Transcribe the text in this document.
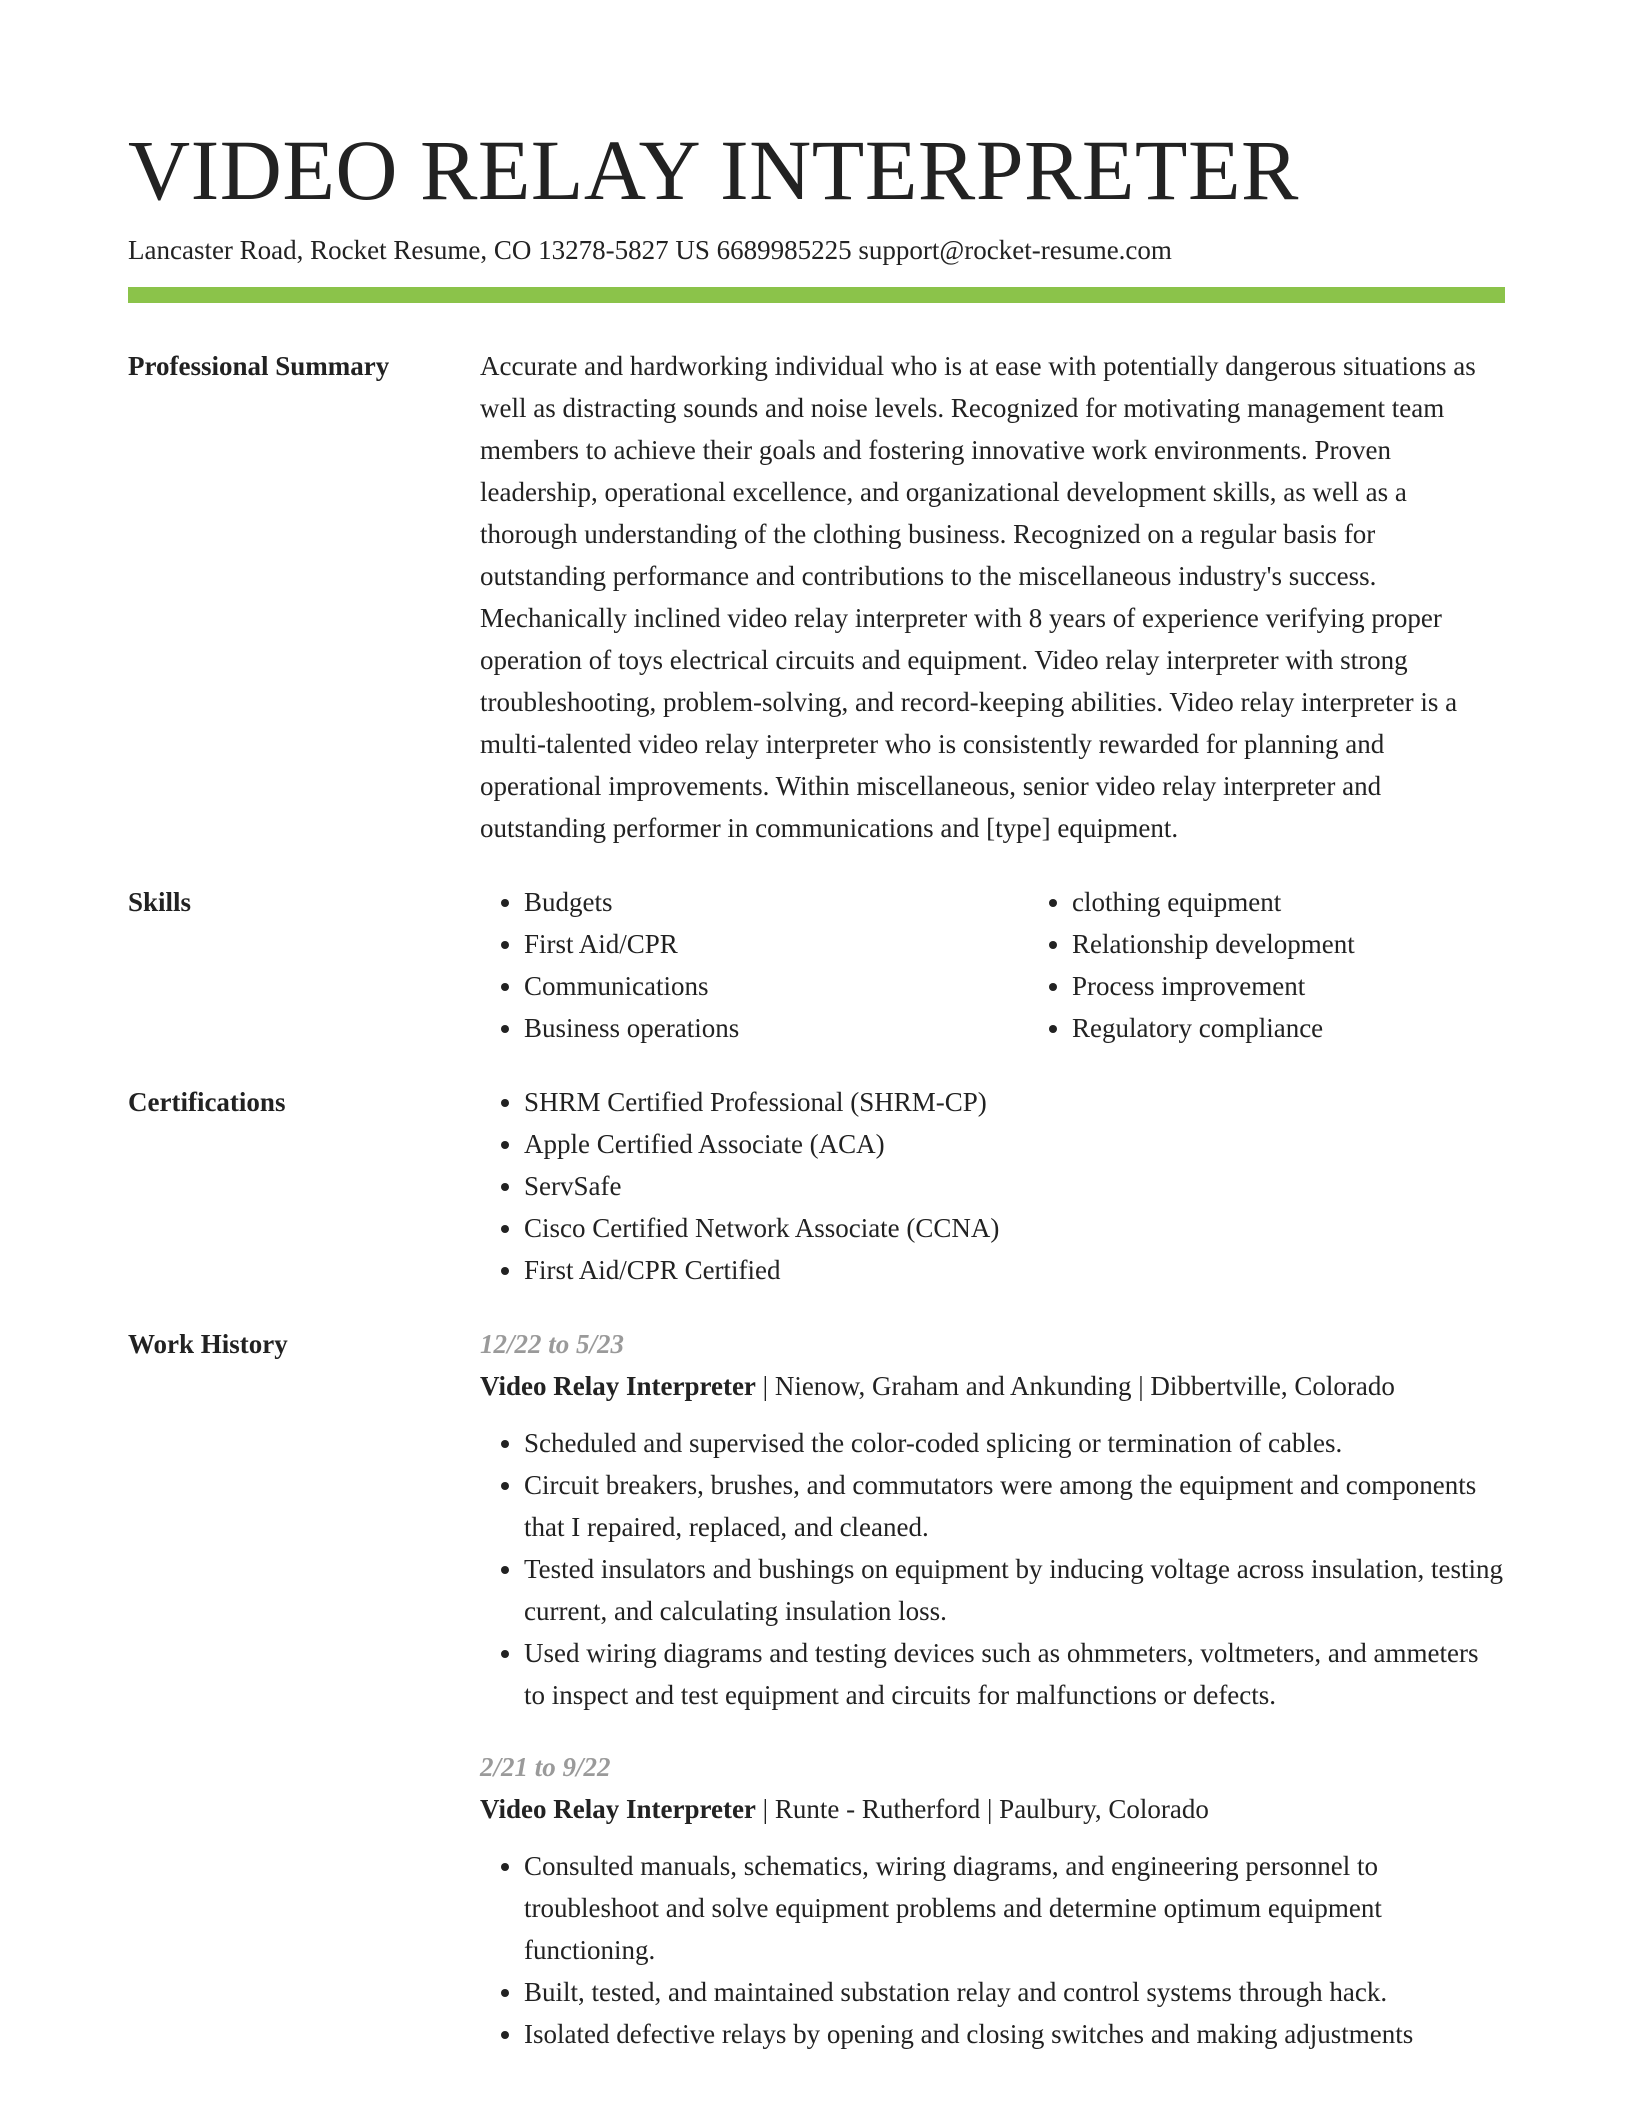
VIDEO RELAY INTERPRETER
Lancaster Road, Rocket Resume, CO 13278-5827 US 6689985225 support@rocket-resume.com
Professional Summary	Accurate and hardworking individual who is at ease with potentially dangerous situations as well as distracting sounds and noise levels. Recognized for motivating management team members to achieve their goals and fostering innovative work environments. Proven leadership, operational excellence, and organizational development skills, as well as a thorough understanding of the clothing business. Recognized on a regular basis for outstanding performance and contributions to the miscellaneous industry's success. Mechanically inclined video relay interpreter with 8 years of experience verifying proper operation of toys electrical circuits and equipment. Video relay interpreter with strong troubleshooting, problem-solving, and record-keeping abilities. Video relay interpreter is a multi-talented video relay interpreter who is consistently rewarded for planning and operational improvements. Within miscellaneous, senior video relay interpreter and outstanding performer in communications and [type] equipment.

Skills	• Budgets
• First Aid/CPR
• Communications
• Business operations
• clothing equipment
• Relationship development
• Process improvement
• Regulatory compliance
Certifications	• SHRM Certified Professional (SHRM-CP)
• Apple Certified Associate (ACA)
• ServSafe
• Cisco Certified Network Associate (CCNA)
• First Aid/CPR Certified
Work History	12/22 to 5/23
Video Relay Interpreter | Nienow, Graham and Ankunding | Dibbertville, Colorado
• Scheduled and supervised the color-coded splicing or termination of cables.
• Circuit breakers, brushes, and commutators were among the equipment and components that I repaired, replaced, and cleaned.
• Tested insulators and bushings on equipment by inducing voltage across insulation, testing current, and calculating insulation loss.
• Used wiring diagrams and testing devices such as ohmmeters, voltmeters, and ammeters to inspect and test equipment and circuits for malfunctions or defects.
2/21 to 9/22
Video Relay Interpreter | Runte - Rutherford | Paulbury, Colorado
• Consulted manuals, schematics, wiring diagrams, and engineering personnel to troubleshoot and solve equipment problems and determine optimum equipment functioning.
• Built, tested, and maintained substation relay and control systems through hack.
• Isolated defective relays by opening and closing switches and making adjustments
